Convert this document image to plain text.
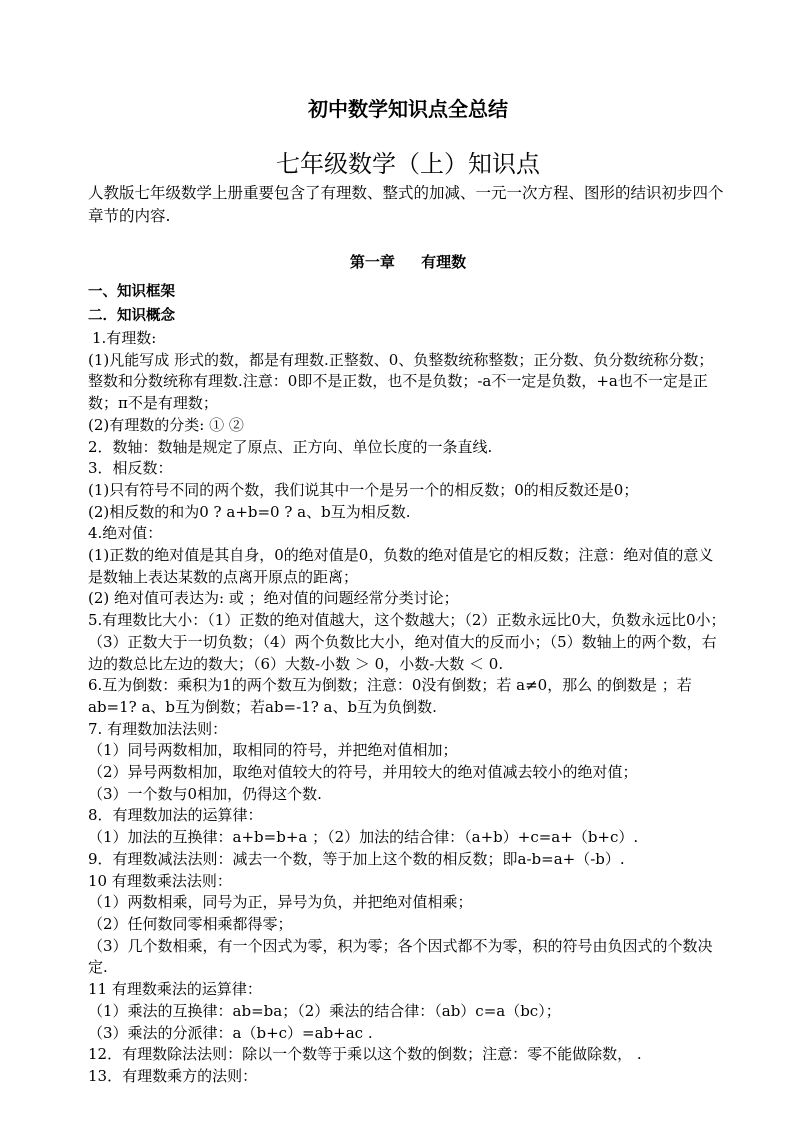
初中数学知识点全总结
七年级数学（上）知识点

人教版七年级数学上册重要包含了有理数、整式的加减、一元一次方程、图形的结识初步四个章节的内容.

第一章　 有理数
一、知识框架
二．知识概念

1.有理数:

(1)凡能写成 形式的数，都是有理数.正整数、0、负整数统称整数；正分数、负分数统称分数；整数和分数统称有理数.注意：0即不是正数，也不是负数；-a不一定是负数，+a也不一定是正数；π不是有理数；

(2)有理数的分类: ① ②

2．数轴：数轴是规定了原点、正方向、单位长度的一条直线.

3．相反数：

(1)只有符号不同的两个数，我们说其中一个是另一个的相反数；0的相反数还是0；

(2)相反数的和为0 ? a+b=0 ? a、b互为相反数.

4.绝对值：

(1)正数的绝对值是其自身，0的绝对值是0，负数的绝对值是它的相反数；注意：绝对值的意义是数轴上表达某数的点离开原点的距离；

(2) 绝对值可表达为: 或 ；绝对值的问题经常分类讨论；

5.有理数比大小：（1）正数的绝对值越大，这个数越大；（2）正数永远比0大，负数永远比0小；（3）正数大于一切负数；（4）两个负数比大小，绝对值大的反而小；（5）数轴上的两个数，右边的数总比左边的数大；（6）大数-小数 ＞ 0，小数-大数 ＜ 0.

6.互为倒数：乘积为1的两个数互为倒数；注意：0没有倒数；若 a≠0，那么 的倒数是 ；若ab=1? a、b互为倒数；若ab=-1? a、b互为负倒数.

7. 有理数加法法则：

（1）同号两数相加，取相同的符号，并把绝对值相加；

（2）异号两数相加，取绝对值较大的符号，并用较大的绝对值减去较小的绝对值；

（3）一个数与0相加，仍得这个数.

8．有理数加法的运算律：

（1）加法的互换律：a+b=b+a ；（2）加法的结合律：（a+b）+c=a+（b+c）.

9．有理数减法法则：减去一个数，等于加上这个数的相反数；即a-b=a+（-b）.

10 有理数乘法法则：

（1）两数相乘，同号为正，异号为负，并把绝对值相乘；

（2）任何数同零相乘都得零；

（3）几个数相乘，有一个因式为零，积为零；各个因式都不为零，积的符号由负因式的个数决定.

11 有理数乘法的运算律：

（1）乘法的互换律：ab=ba；（2）乘法的结合律：（ab）c=a（bc）；

（3）乘法的分派律：a（b+c）=ab+ac .

12．有理数除法法则：除以一个数等于乘以这个数的倒数；注意：零不能做除数， .

13．有理数乘方的法则：
